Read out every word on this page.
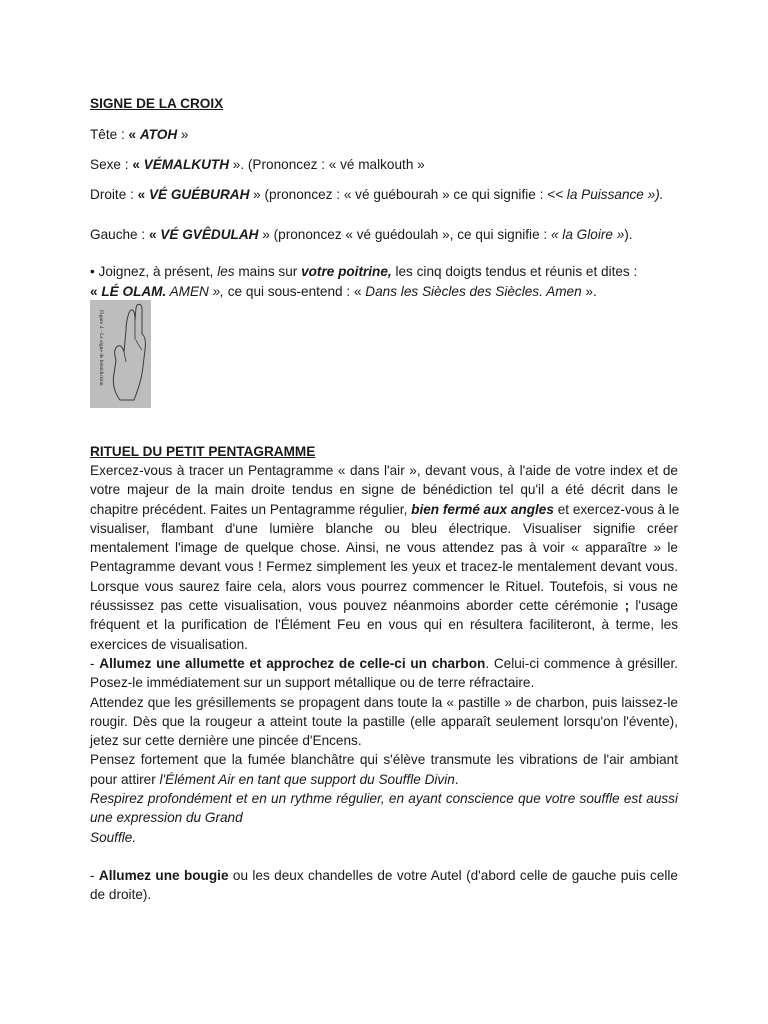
SIGNE DE LA CROIX
Tête : « ATOH »
Sexe : « VÉMALKUTH ». (Prononcez : « vé malkouth »
Droite : « VÉ GUÉBURAH » (prononcez : « vé guébourah » ce qui signifie : << la Puissance »).
Gauche : « VÉ GVÊDULAH » (prononcez « vé guédoulah », ce qui signifie : « la Gloire »).
• Joignez, à présent, les mains sur votre poitrine, les cinq doigts tendus et réunis et dites :
« LÉ OLAM. AMEN », ce qui sous-entend : « Dans les Siècles des Siècles. Amen ».
Figure 4 - Le signe de bénédiction
RITUEL DU PETIT PENTAGRAMME
Exercez-vous à tracer un Pentagramme « dans l'air », devant vous, à l'aide de votre index et de
votre majeur de la main droite tendus en signe de bénédiction tel qu'il a été décrit dans le
chapitre précédent. Faites un Pentagramme régulier, bien fermé aux angles et exercez-vous à le
visualiser, flambant d'une lumière blanche ou bleu électrique. Visualiser signifie créer
mentalement l'image de quelque chose. Ainsi, ne vous attendez pas à voir « apparaître » le
Pentagramme devant vous ! Fermez simplement les yeux et tracez-le mentalement devant vous.
Lorsque vous saurez faire cela, alors vous pourrez commencer le Rituel. Toutefois, si vous ne
réussissez pas cette visualisation, vous pouvez néanmoins aborder cette cérémonie ; l'usage
fréquent et la purification de l'Élément Feu en vous qui en résultera faciliteront, à terme, les
exercices de visualisation.
- Allumez une allumette et approchez de celle-ci un charbon. Celui-ci commence à grésiller.
Posez-le immédiatement sur un support métallique ou de terre réfractaire.
Attendez que les grésillements se propagent dans toute la « pastille » de charbon, puis laissez-le
rougir. Dès que la rougeur a atteint toute la pastille (elle apparaît seulement lorsqu'on l'évente),
jetez sur cette dernière une pincée d'Encens.
Pensez fortement que la fumée blanchâtre qui s'élève transmute les vibrations de l'air ambiant
pour attirer l'Élément Air en tant que support du Souffle Divin.
Respirez profondément et en un rythme régulier, en ayant conscience que votre souffle est aussi
une expression du Grand
Souffle.
- Allumez une bougie ou les deux chandelles de votre Autel (d'abord celle de gauche puis celle
de droite).
